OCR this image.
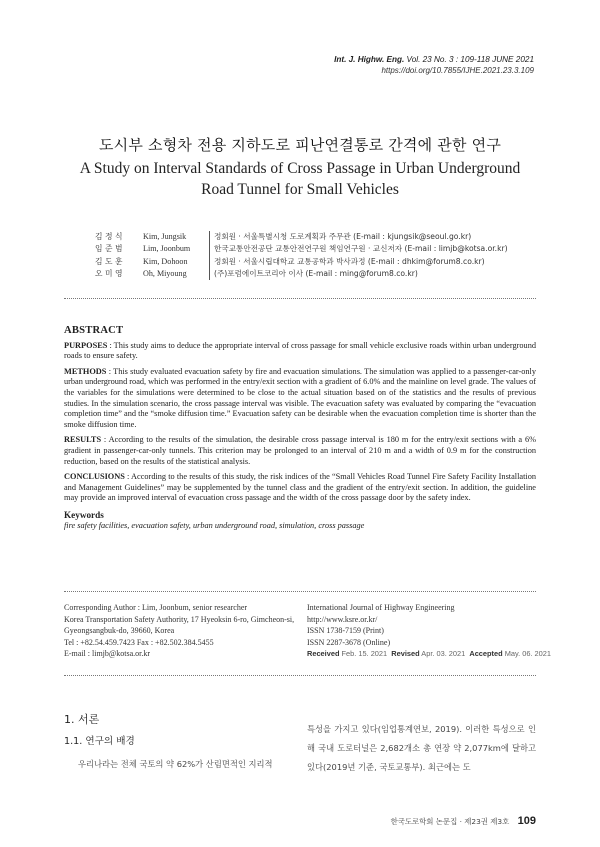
Int. J. Highw. Eng. Vol. 23 No. 3 : 109-118 JUNE 2021
https://doi.org/10.7855/IJHE.2021.23.3.109
도시부 소형차 전용 지하도로 피난연결통로 간격에 관한 연구
A Study on Interval Standards of Cross Passage in Urban Underground Road Tunnel for Small Vehicles
김 정 식	Kim, Jungsik	정회원 · 서울특별시청 도로계획과 주무관 (E-mail : kjungsik@seoul.go.kr)
임 준 범	Lim, Joonbum	한국교통안전공단 교통안전연구원 책임연구원 · 교신저자 (E-mail : limjb@kotsa.or.kr)
김 도 훈	Kim, Dohoon	정회원 · 서울시립대학교 교통공학과 박사과정 (E-mail : dhkim@forum8.co.kr)
오 미 영	Oh, Miyoung	(주)포럼에이트코리아 이사 (E-mail : ming@forum8.co.kr)
ABSTRACT

PURPOSES : This study aims to deduce the appropriate interval of cross passage for small vehicle exclusive roads within urban underground roads to ensure safety.

METHODS : This study evaluated evacuation safety by fire and evacuation simulations. The simulation was applied to a passenger-car-only urban underground road, which was performed in the entry/exit section with a gradient of 6.0% and the mainline on level grade. The values of the variables for the simulations were determined to be close to the actual situation based on of the statistics and the results of previous studies. In the simulation scenario, the cross passage interval was visible. The evacuation safety was evaluated by comparing the “evacuation completion time” and the “smoke diffusion time.” Evacuation safety can be desirable when the evacuation completion time is shorter than the smoke diffusion time.

RESULTS : According to the results of the simulation, the desirable cross passage interval is 180 m for the entry/exit sections with a 6% gradient in passenger-car-only tunnels. This criterion may be prolonged to an interval of 210 m and a width of 0.9 m for the construction reduction, based on the results of the statistical analysis.

CONCLUSIONS : According to the results of this study, the risk indices of the “Small Vehicles Road Tunnel Fire Safety Facility Installation and Management Guidelines” may be supplemented by the tunnel class and the gradient of the entry/exit section. In addition, the guideline may provide an improved interval of evacuation cross passage and the width of the cross passage door by the safety index.

Keywords
fire safety facilities, evacuation safety, urban underground road, simulation, cross passage
Corresponding Author : Lim, Joonbum, senior researcher
Korea Transportation Safety Authority, 17 Hyeoksin 6-ro, Gimcheon-si,
Gyeongsangbuk-do, 39660, Korea
Tel : +82.54.459.7423 Fax : +82.502.384.5455
E-mail : limjb@kotsa.or.kr
International Journal of Highway Engineering
http://www.ksre.or.kr/
ISSN 1738-7159 (Print)
ISSN 2287-3678 (Online)
Received Feb. 15. 2021 Revised Apr. 03. 2021 Accepted May. 06. 2021
1. 서론
1.1. 연구의 배경
우리나라는 전체 국토의 약 62%가 산림면적인 지리적
특성을 가지고 있다(임업통계연보, 2019). 이러한 특성으로 인해 국내 도로터널은 2,682개소 총 연장 약 2,077km에 달하고 있다(2019년 기준, 국토교통부). 최근에는 도
한국도로학회 논문집 · 제23권 제3호 109
